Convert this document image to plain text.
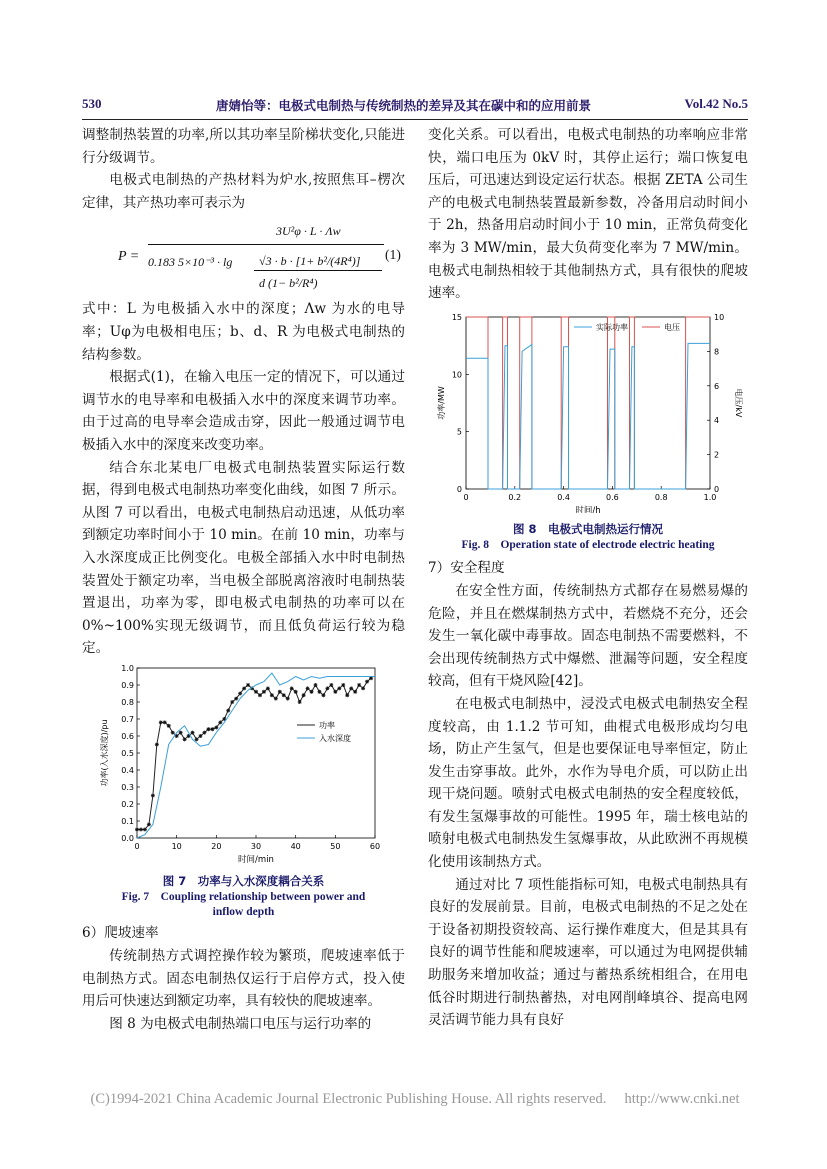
530	唐婧怡等：电极式电制热与传统制热的差异及其在碳中和的应用前景	Vol.42 No.5

调整制热装置的功率,所以其功率呈阶梯状变化,只能进行分级调节。

电极式电制热的产热材料为炉水,按照焦耳–楞次定律，其产热功率可表示为

P =
3U²φ · L · Λw
0.183 5×10⁻³ · lg √3 · b · [1+ b²/(4R⁴)]
d (1− b²/R⁴)
(1)

式中：L 为电极插入水中的深度；Λw 为水的电导率；Uφ为电极相电压；b、d、R 为电极式电制热的结构参数。

根据式(1)，在输入电压一定的情况下，可以通过调节水的电导率和电极插入水中的深度来调节功率。由于过高的电导率会造成击穿，因此一般通过调节电极插入水中的深度来改变功率。

结合东北某电厂电极式电制热装置实际运行数据，得到电极式电制热功率变化曲线，如图 7 所示。从图 7 可以看出，电极式电制热启动迅速，从低功率到额定功率时间小于 10 min。在前 10 min，功率与入水深度成正比例变化。电极全部插入水中时电制热装置处于额定功率，当电极全部脱离溶液时电制热装置退出，功率为零，即电极式电制热的功率可以在 0%~100%实现无级调节，而且低负荷运行较为稳定。

0	10	20	30	40	50	60
0.0
0.1
0.2
0.3
0.4
0.5
0.6
0.7
0.8
0.9
1.0
时间/min
功率(入水深度)/pu	功率
入水深度
图 7　功率与入水深度耦合关系
Fig. 7　Coupling relationship between power and
inflow depth

6）爬坡速率

传统制热方式调控操作较为繁琐，爬坡速率低于电制热方式。固态电制热仅运行于启停方式，投入使用后可快速达到额定功率，具有较快的爬坡速率。

图 8 为电极式电制热端口电压与运行功率的

变化关系。可以看出，电极式电制热的功率响应非常快，端口电压为 0kV 时，其停止运行；端口恢复电压后，可迅速达到设定运行状态。根据 ZETA 公司生产的电极式电制热装置最新参数，冷备用启动时间小于 2h，热备用启动时间小于 10 min，正常负荷变化率为 3 MW/min，最大负荷变化率为 7 MW/min。电极式电制热相较于其他制热方式，具有很快的爬坡速率。

0	0.2	0.4	0.6	0.8	1.0
0
5
10
15
0
2
4
6
8
10
时间/h
功率/MW	电压/kV
实际功率	电压
图 8　电极式电制热运行情况
Fig. 8　Operation state of electrode electric heating

7）安全程度

在安全性方面，传统制热方式都存在易燃易爆的危险，并且在燃煤制热方式中，若燃烧不充分，还会发生一氧化碳中毒事故。固态电制热不需要燃料，不会出现传统制热方式中爆燃、泄漏等问题，安全程度较高，但有干烧风险[42]。

在电极式电制热中，浸没式电极式电制热安全程度较高，由 1.1.2 节可知，曲棍式电极形成均匀电场，防止产生氢气，但是也要保证电导率恒定，防止发生击穿事故。此外，水作为导电介质，可以防止出现干烧问题。喷射式电极式电制热的安全程度较低，有发生氢爆事故的可能性。1995 年，瑞士核电站的喷射电极式电制热发生氢爆事故，从此欧洲不再规模化使用该制热方式。

通过对比 7 项性能指标可知，电极式电制热具有良好的发展前景。目前，电极式电制热的不足之处在于设备初期投资较高、运行操作难度大，但是其具有良好的调节性能和爬坡速率，可以通过为电网提供辅助服务来增加收益；通过与蓄热系统相组合，在用电低谷时期进行制热蓄热，对电网削峰填谷、提高电网灵活调节能力具有良好

(C)1994-2021 China Academic Journal Electronic Publishing House. All rights reserved.　 http://www.cnki.net
